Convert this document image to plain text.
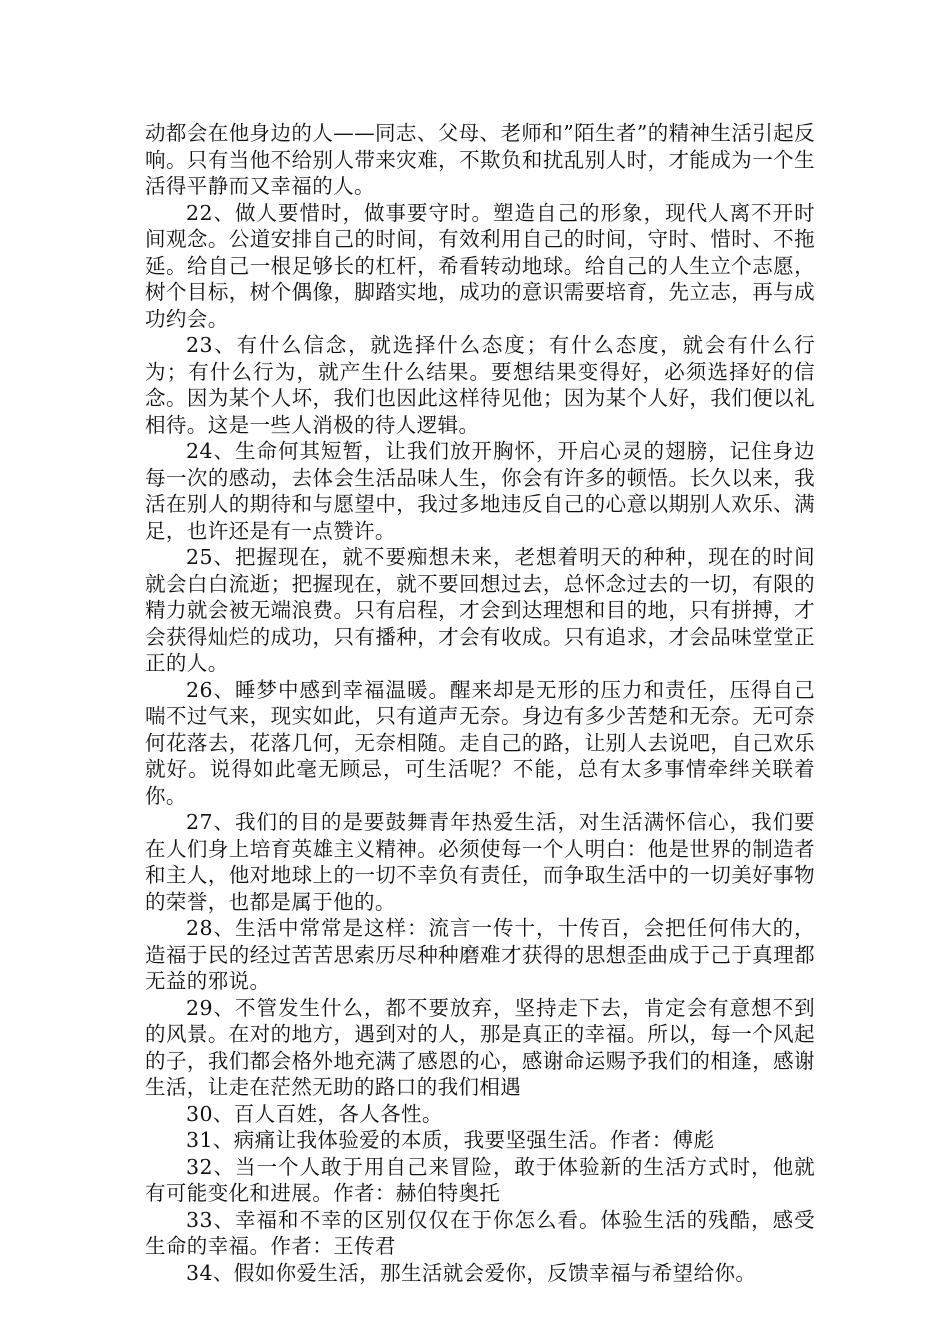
动都会在他身边的人——同志、父母、老师和”陌生者”的精神生活引起反响。只有当他不给别人带来灾难，不欺负和扰乱别人时，才能成为一个生活得平静而又幸福的人。

22、做人要惜时，做事要守时。塑造自己的形象，现代人离不开时间观念。公道安排自己的时间，有效利用自己的时间，守时、惜时、不拖延。给自己一根足够长的杠杆，希看转动地球。给自己的人生立个志愿，树个目标，树个偶像，脚踏实地，成功的意识需要培育，先立志，再与成功约会。

23、有什么信念，就选择什么态度；有什么态度，就会有什么行为；有什么行为，就产生什么结果。要想结果变得好，必须选择好的信念。因为某个人坏，我们也因此这样待见他；因为某个人好，我们便以礼相待。这是一些人消极的待人逻辑。

24、生命何其短暂，让我们放开胸怀，开启心灵的翅膀，记住身边每一次的感动，去体会生活品味人生，你会有许多的顿悟。长久以来，我活在别人的期待和与愿望中，我过多地违反自己的心意以期别人欢乐、满足，也许还是有一点赞许。

25、把握现在，就不要痴想未来，老想着明天的种种，现在的时间就会白白流逝；把握现在，就不要回想过去，总怀念过去的一切，有限的精力就会被无端浪费。只有启程，才会到达理想和目的地，只有拼搏，才会获得灿烂的成功，只有播种，才会有收成。只有追求，才会品味堂堂正正的人。

26、睡梦中感到幸福温暖。醒来却是无形的压力和责任，压得自己喘不过气来，现实如此，只有道声无奈。身边有多少苦楚和无奈。无可奈何花落去，花落几何，无奈相随。走自己的路，让别人去说吧，自己欢乐就好。说得如此毫无顾忌，可生活呢？不能，总有太多事情牵绊关联着你。

27、我们的目的是要鼓舞青年热爱生活，对生活满怀信心，我们要在人们身上培育英雄主义精神。必须使每一个人明白：他是世界的制造者和主人，他对地球上的一切不幸负有责任，而争取生活中的一切美好事物的荣誉，也都是属于他的。

28、生活中常常是这样：流言一传十，十传百，会把任何伟大的，造福于民的经过苦苦思索历尽种种磨难才获得的思想歪曲成于己于真理都无益的邪说。

29、不管发生什么，都不要放弃，坚持走下去，肯定会有意想不到的风景。在对的地方，遇到对的人，那是真正的幸福。所以，每一个风起的子，我们都会格外地充满了感恩的心，感谢命运赐予我们的相逢，感谢生活，让走在茫然无助的路口的我们相遇

30、百人百姓，各人各性。

31、病痛让我体验爱的本质，我要坚强生活。作者：傅彪

32、当一个人敢于用自己来冒险，敢于体验新的生活方式时，他就有可能变化和进展。作者：赫伯特奥托

33、幸福和不幸的区别仅仅在于你怎么看。体验生活的残酷，感受生命的幸福。作者：王传君

34、假如你爱生活，那生活就会爱你，反馈幸福与希望给你。
